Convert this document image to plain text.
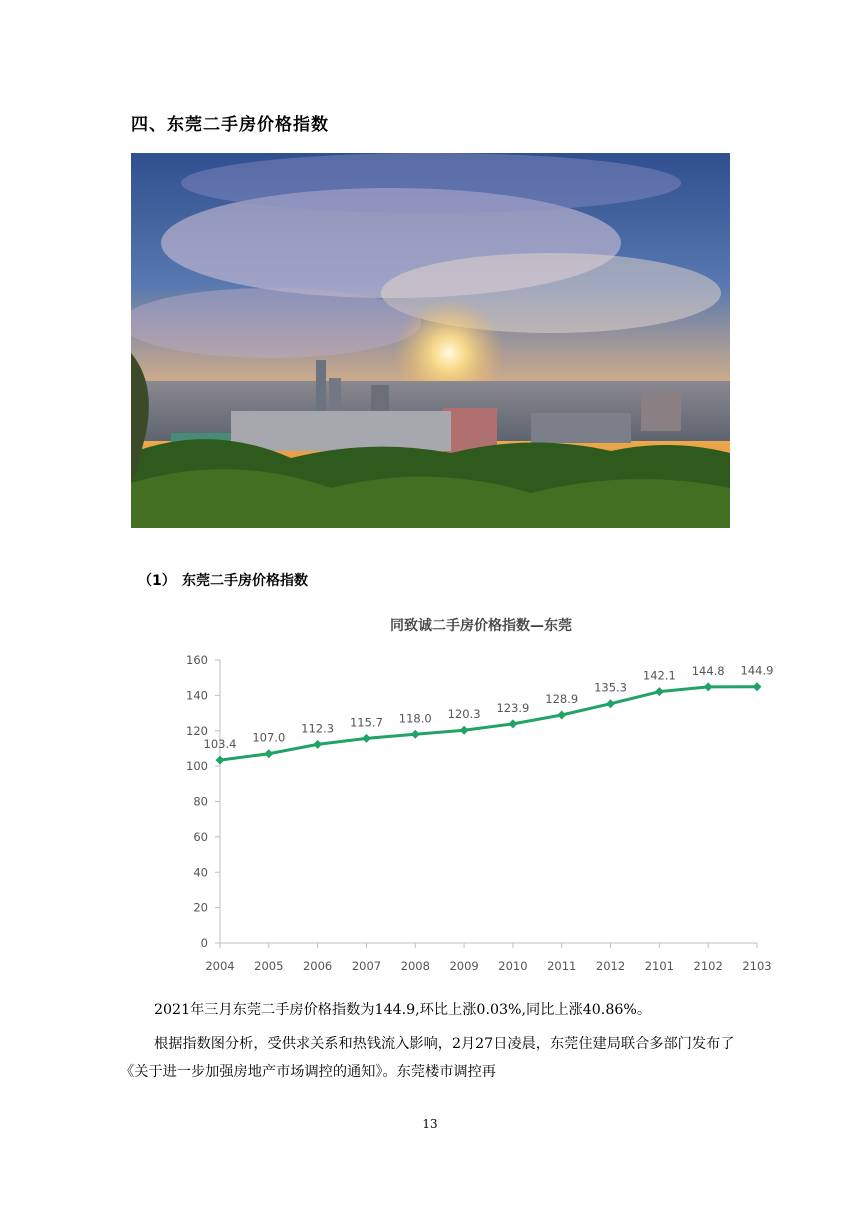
四、东莞二手房价格指数
（1） 东莞二手房价格指数
同致诚二手房价格指数—东莞
0
20
40
60
80
100
120
140
160
2004 2005 2006 2007 2008 2009 2010 2011 2012 2101 2102 2103
103.4 107.0
112.3 115.7 118.0 120.3 123.9
128.9
135.3
142.1 144.8 144.9
2021年三月东莞二手房价格指数为144.9,环比上涨0.03%,同比上涨40.86%。
根据指数图分析，受供求关系和热钱流入影响，2月27日凌晨，东莞住建局联合多部门发布了《关于进一步加强房地产市场调控的通知》。东莞楼市调控再
13
